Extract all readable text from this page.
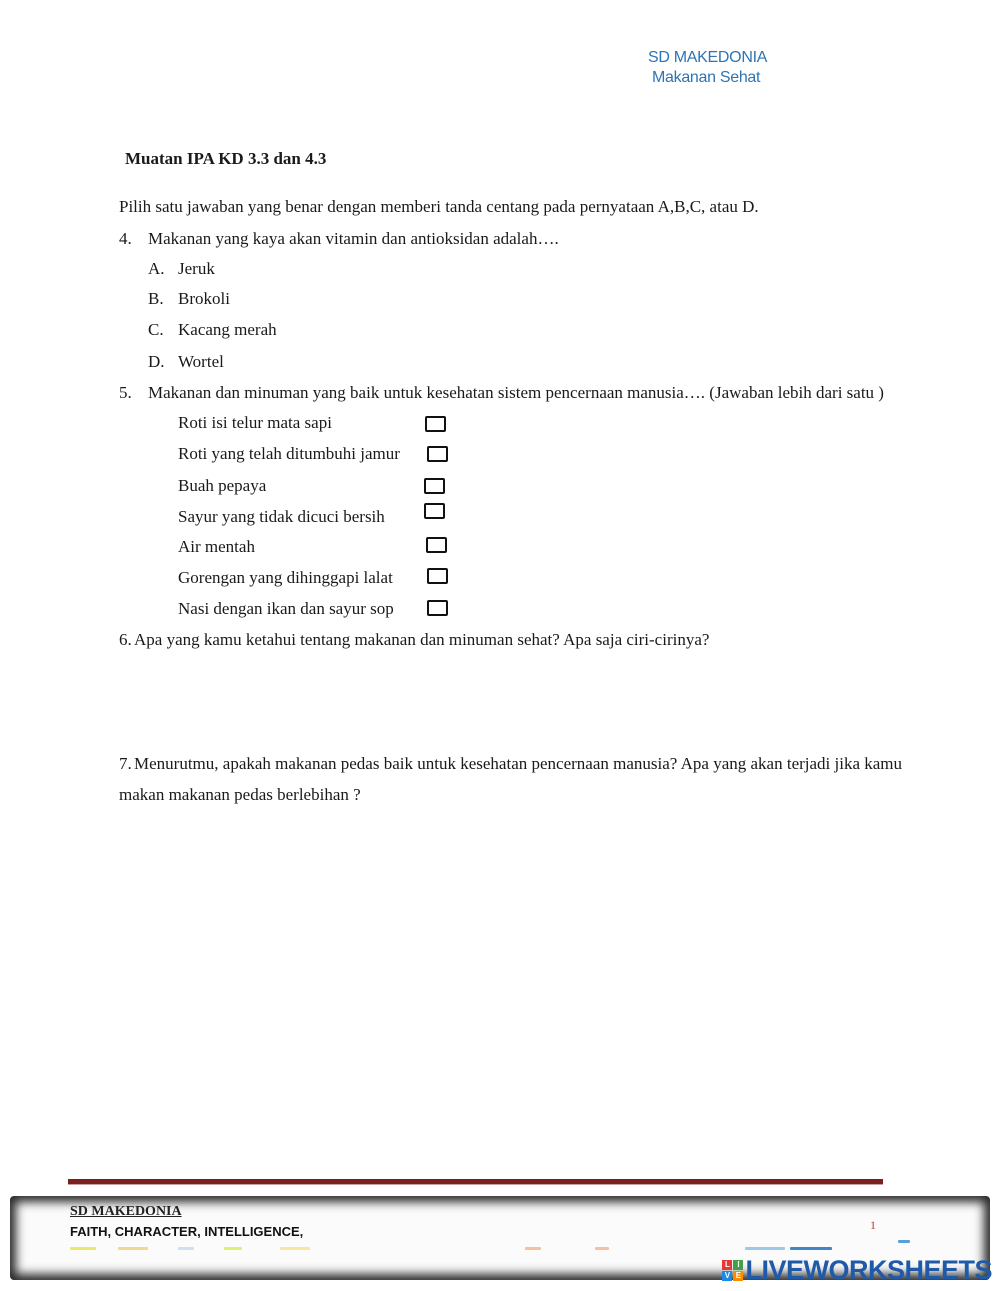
SD MAKEDONIA
Makanan Sehat
Muatan IPA KD 3.3 dan 4.3
Pilih satu jawaban yang benar dengan memberi tanda centang pada pernyataan A,B,C, atau D.
4. Makanan yang kaya akan vitamin dan antioksidan adalah….
A. Jeruk
B. Brokoli
C. Kacang merah
D. Wortel
5. Makanan dan minuman yang baik untuk kesehatan sistem pencernaan manusia…. (Jawaban lebih dari satu )
Roti isi telur mata sapi
Roti yang telah ditumbuhi jamur
Buah pepaya
Sayur yang tidak dicuci bersih
Air mentah
Gorengan yang dihinggapi lalat
Nasi dengan ikan dan sayur sop
6. Apa yang kamu ketahui tentang makanan dan minuman sehat? Apa saja ciri-cirinya?
7. Menurutmu, apakah makanan pedas baik untuk kesehatan pencernaan manusia? Apa yang akan terjadi jika kamu
makan makanan pedas berlebihan ?
SD MAKEDONIA
FAITH, CHARACTER, INTELLIGENCE,	1
L I
V E LIVEWORKSHEETS
